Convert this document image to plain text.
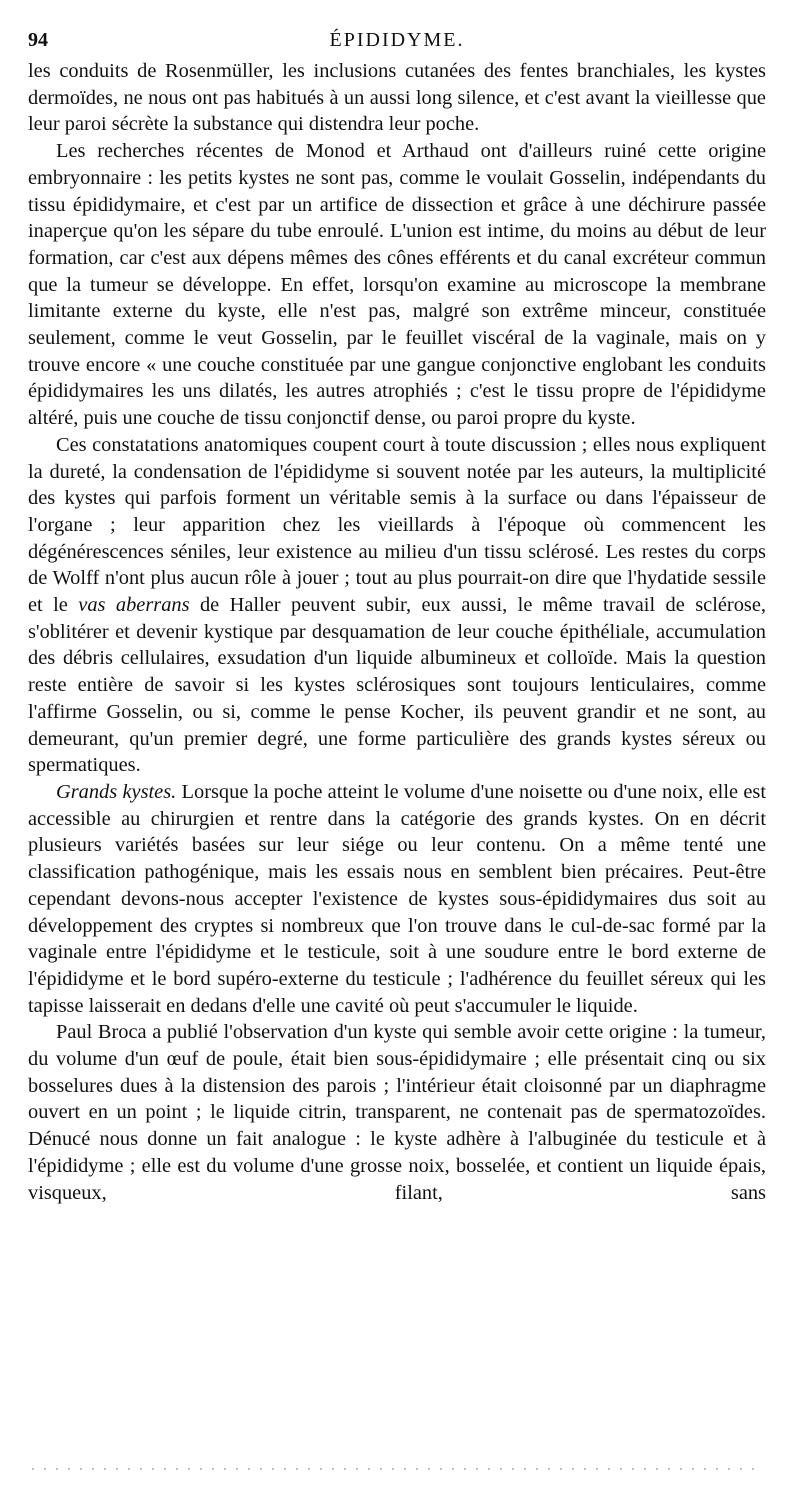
94	ÉPIDIDYME.

les conduits de Rosenmüller, les inclusions cutanées des fentes branchiales, les kystes dermoïdes, ne nous ont pas habitués à un aussi long silence, et c'est avant la vieillesse que leur paroi sécrète la substance qui distendra leur poche.

Les recherches récentes de Monod et Arthaud ont d'ailleurs ruiné cette origine embryonnaire : les petits kystes ne sont pas, comme le voulait Gosselin, indépendants du tissu épididymaire, et c'est par un artifice de dissection et grâce à une déchirure passée inaperçue qu'on les sépare du tube enroulé. L'union est intime, du moins au début de leur formation, car c'est aux dépens mêmes des cônes efférents et du canal excréteur commun que la tumeur se développe. En effet, lorsqu'on examine au microscope la membrane limitante externe du kyste, elle n'est pas, malgré son extrême minceur, constituée seulement, comme le veut Gosselin, par le feuillet viscéral de la vaginale, mais on y trouve encore « une couche constituée par une gangue conjonctive englobant les conduits épididymaires les uns dilatés, les autres atrophiés ; c'est le tissu propre de l'épididyme altéré, puis une couche de tissu conjonctif dense, ou paroi propre du kyste.

Ces constatations anatomiques coupent court à toute discussion ; elles nous expliquent la dureté, la condensation de l'épididyme si souvent notée par les auteurs, la multiplicité des kystes qui parfois forment un véritable semis à la surface ou dans l'épaisseur de l'organe ; leur apparition chez les vieillards à l'époque où commencent les dégénérescences séniles, leur existence au milieu d'un tissu sclérosé. Les restes du corps de Wolff n'ont plus aucun rôle à jouer ; tout au plus pourrait-on dire que l'hydatide sessile et le vas aberrans de Haller peuvent subir, eux aussi, le même travail de sclérose, s'oblitérer et devenir kystique par desquamation de leur couche épithéliale, accumulation des débris cellulaires, exsudation d'un liquide albumineux et colloïde. Mais la question reste entière de savoir si les kystes sclérosiques sont toujours lenticulaires, comme l'affirme Gosselin, ou si, comme le pense Kocher, ils peuvent grandir et ne sont, au demeurant, qu'un premier degré, une forme particulière des grands kystes séreux ou spermatiques.

Grands kystes. Lorsque la poche atteint le volume d'une noisette ou d'une noix, elle est accessible au chirurgien et rentre dans la catégorie des grands kystes. On en décrit plusieurs variétés basées sur leur siége ou leur contenu. On a même tenté une classification pathogénique, mais les essais nous en semblent bien précaires. Peut-être cependant devons-nous accepter l'existence de kystes sous-épididymaires dus soit au développement des cryptes si nombreux que l'on trouve dans le cul-de-sac formé par la vaginale entre l'épididyme et le testicule, soit à une soudure entre le bord externe de l'épididyme et le bord supéro-externe du testicule ; l'adhérence du feuillet séreux qui les tapisse laisserait en dedans d'elle une cavité où peut s'accumuler le liquide.

Paul Broca a publié l'observation d'un kyste qui semble avoir cette origine : la tumeur, du volume d'un œuf de poule, était bien sous-épididymaire ; elle présentait cinq ou six bosselures dues à la distension des parois ; l'intérieur était cloisonné par un diaphragme ouvert en un point ; le liquide citrin, transparent, ne contenait pas de spermatozoïdes. Dénucé nous donne un fait analogue : le kyste adhère à l'albuginée du testicule et à l'épididyme ; elle est du volume d'une grosse noix, bosselée, et contient un liquide épais, visqueux, filant, sans
